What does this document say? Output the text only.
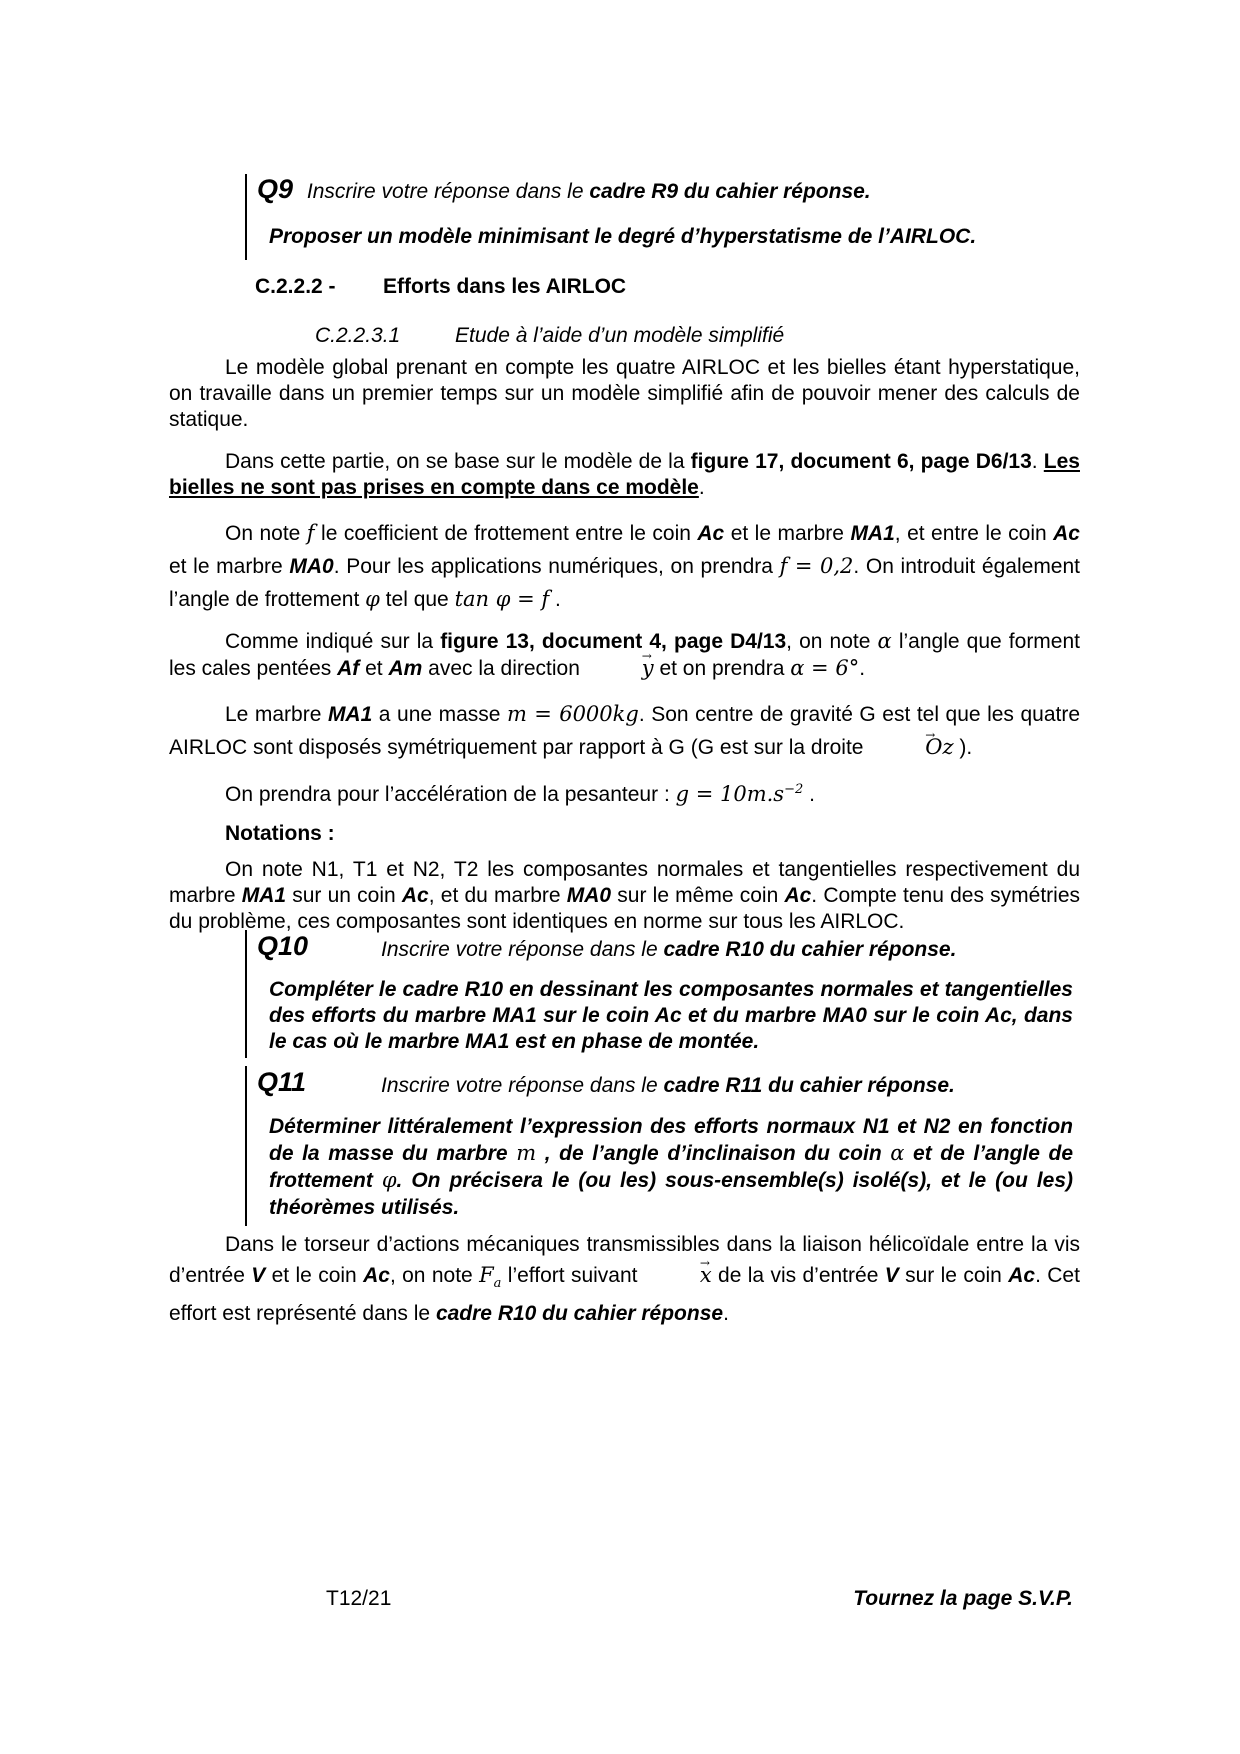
Q9 Inscrire votre réponse dans le cadre R9 du cahier réponse.
Proposer un modèle minimisant le degré d’hyperstatisme de l’AIRLOC.
C.2.2.2 - Efforts dans les AIRLOC
C.2.2.3.1	Etude à l’aide d’un modèle simplifié

Le modèle global prenant en compte les quatre AIRLOC et les bielles étant hyperstatique, on travaille dans un premier temps sur un modèle simplifié afin de pouvoir mener des calculs de statique.

Dans cette partie, on se base sur le modèle de la figure 17, document 6, page D6/13. Les bielles ne sont pas prises en compte dans ce modèle.

On note f le coefficient de frottement entre le coin Ac et le marbre MA1, et entre le coin Ac et le marbre MA0. Pour les applications numériques, on prendra f = 0,2. On introduit également l’angle de frottement φ tel que tan φ = f .

Comme indiqué sur la figure 13, document 4, page D4/13, on note α l’angle que forment les cales pentées Af et Am avec la direction	→ y et on prendra α = 6°.

Le marbre MA1 a une masse m = 6000kg. Son centre de gravité G est tel que les quatre AIRLOC sont disposés symétriquement par rapport à G (G est sur la droite	→ Oz ).

On prendra pour l’accélération de la pesanteur : $g = 10m.s^{-2}$ .

Notations :

On note N1, T1 et N2, T2 les composantes normales et tangentielles respectivement du marbre MA1 sur un coin Ac, et du marbre MA0 sur le même coin Ac. Compte tenu des symétries du problème, ces composantes sont identiques en norme sur tous les AIRLOC.

Q10	Inscrire votre réponse dans le cadre R10 du cahier réponse.

Compléter le cadre R10 en dessinant les composantes normales et tangentielles des efforts du marbre MA1 sur le coin Ac et du marbre MA0 sur le coin Ac, dans le cas où le marbre MA1 est en phase de montée.

Q11	Inscrire votre réponse dans le cadre R11 du cahier réponse.

Déterminer littéralement l’expression des efforts normaux N1 et N2 en fonction de la masse du marbre m , de l’angle d’inclinaison du coin α et de l’angle de frottement φ. On précisera le (ou les) sous-ensemble(s) isolé(s), et le (ou les) théorèmes utilisés.

Dans le torseur d’actions mécaniques transmissibles dans la liaison hélicoïdale entre la vis d’entrée V et le coin Ac, on note $F_a$ l’effort suivant	→ x de la vis d’entrée V sur le coin Ac. Cet effort est représenté dans le cadre R10 du cahier réponse.

T12/21	Tournez la page S.V.P.
